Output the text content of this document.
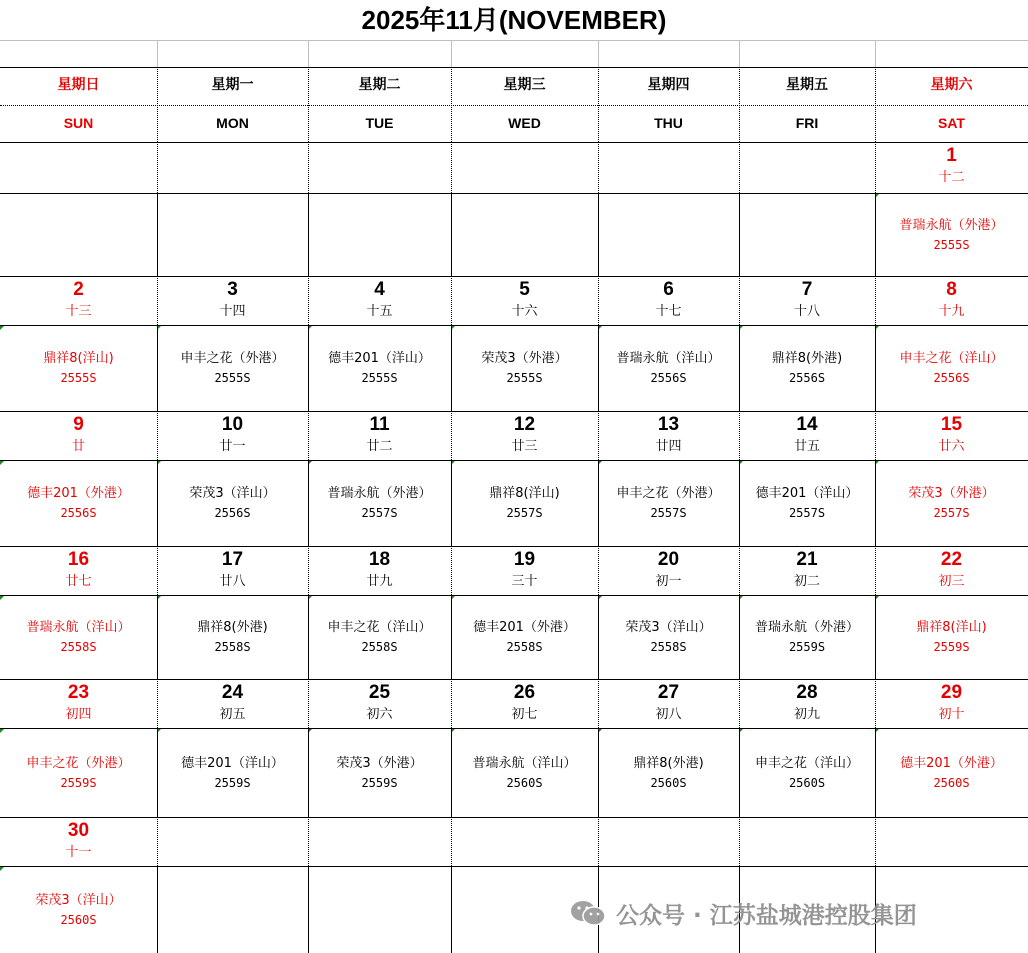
2025年11月(NOVEMBER)
星期日
SUN
星期一
MON
星期二
TUE
星期三
WED
星期四
THU
星期五
FRI
星期六
SAT
1
十二
普瑞永航（外港）
2555S
2
十三
鼎祥8(洋山)
2555S
3
十四
申丰之花（外港）
2555S
4
十五
德丰201（洋山）
2555S
5
十六
荣茂3（外港）
2555S
6
十七
普瑞永航（洋山）
2556S
7
十八
鼎祥8(外港)
2556S
8
十九
申丰之花（洋山）
2556S
9
廿
德丰201（外港）
2556S
10
廿一
荣茂3（洋山）
2556S
11
廿二
普瑞永航（外港）
2557S
12
廿三
鼎祥8(洋山)
2557S
13
廿四
申丰之花（外港）
2557S
14
廿五
德丰201（洋山）
2557S
15
廿六
荣茂3（外港）
2557S
16
廿七
普瑞永航（洋山）
2558S
17
廿八
鼎祥8(外港)
2558S
18
廿九
申丰之花（洋山）
2558S
19
三十
德丰201（外港）
2558S
20
初一
荣茂3（洋山）
2558S
21
初二
普瑞永航（外港）
2559S
22
初三
鼎祥8(洋山)
2559S
23
初四
申丰之花（外港）
2559S
24
初五
德丰201（洋山）
2559S
25
初六
荣茂3（外港）
2559S
26
初七
普瑞永航（洋山）
2560S
27
初八
鼎祥8(外港)
2560S
28
初九
申丰之花（洋山）
2560S
29
初十
德丰201（外港）
2560S
30
十一
荣茂3（洋山）
2560S	公众号 · 江苏盐城港控股集团
